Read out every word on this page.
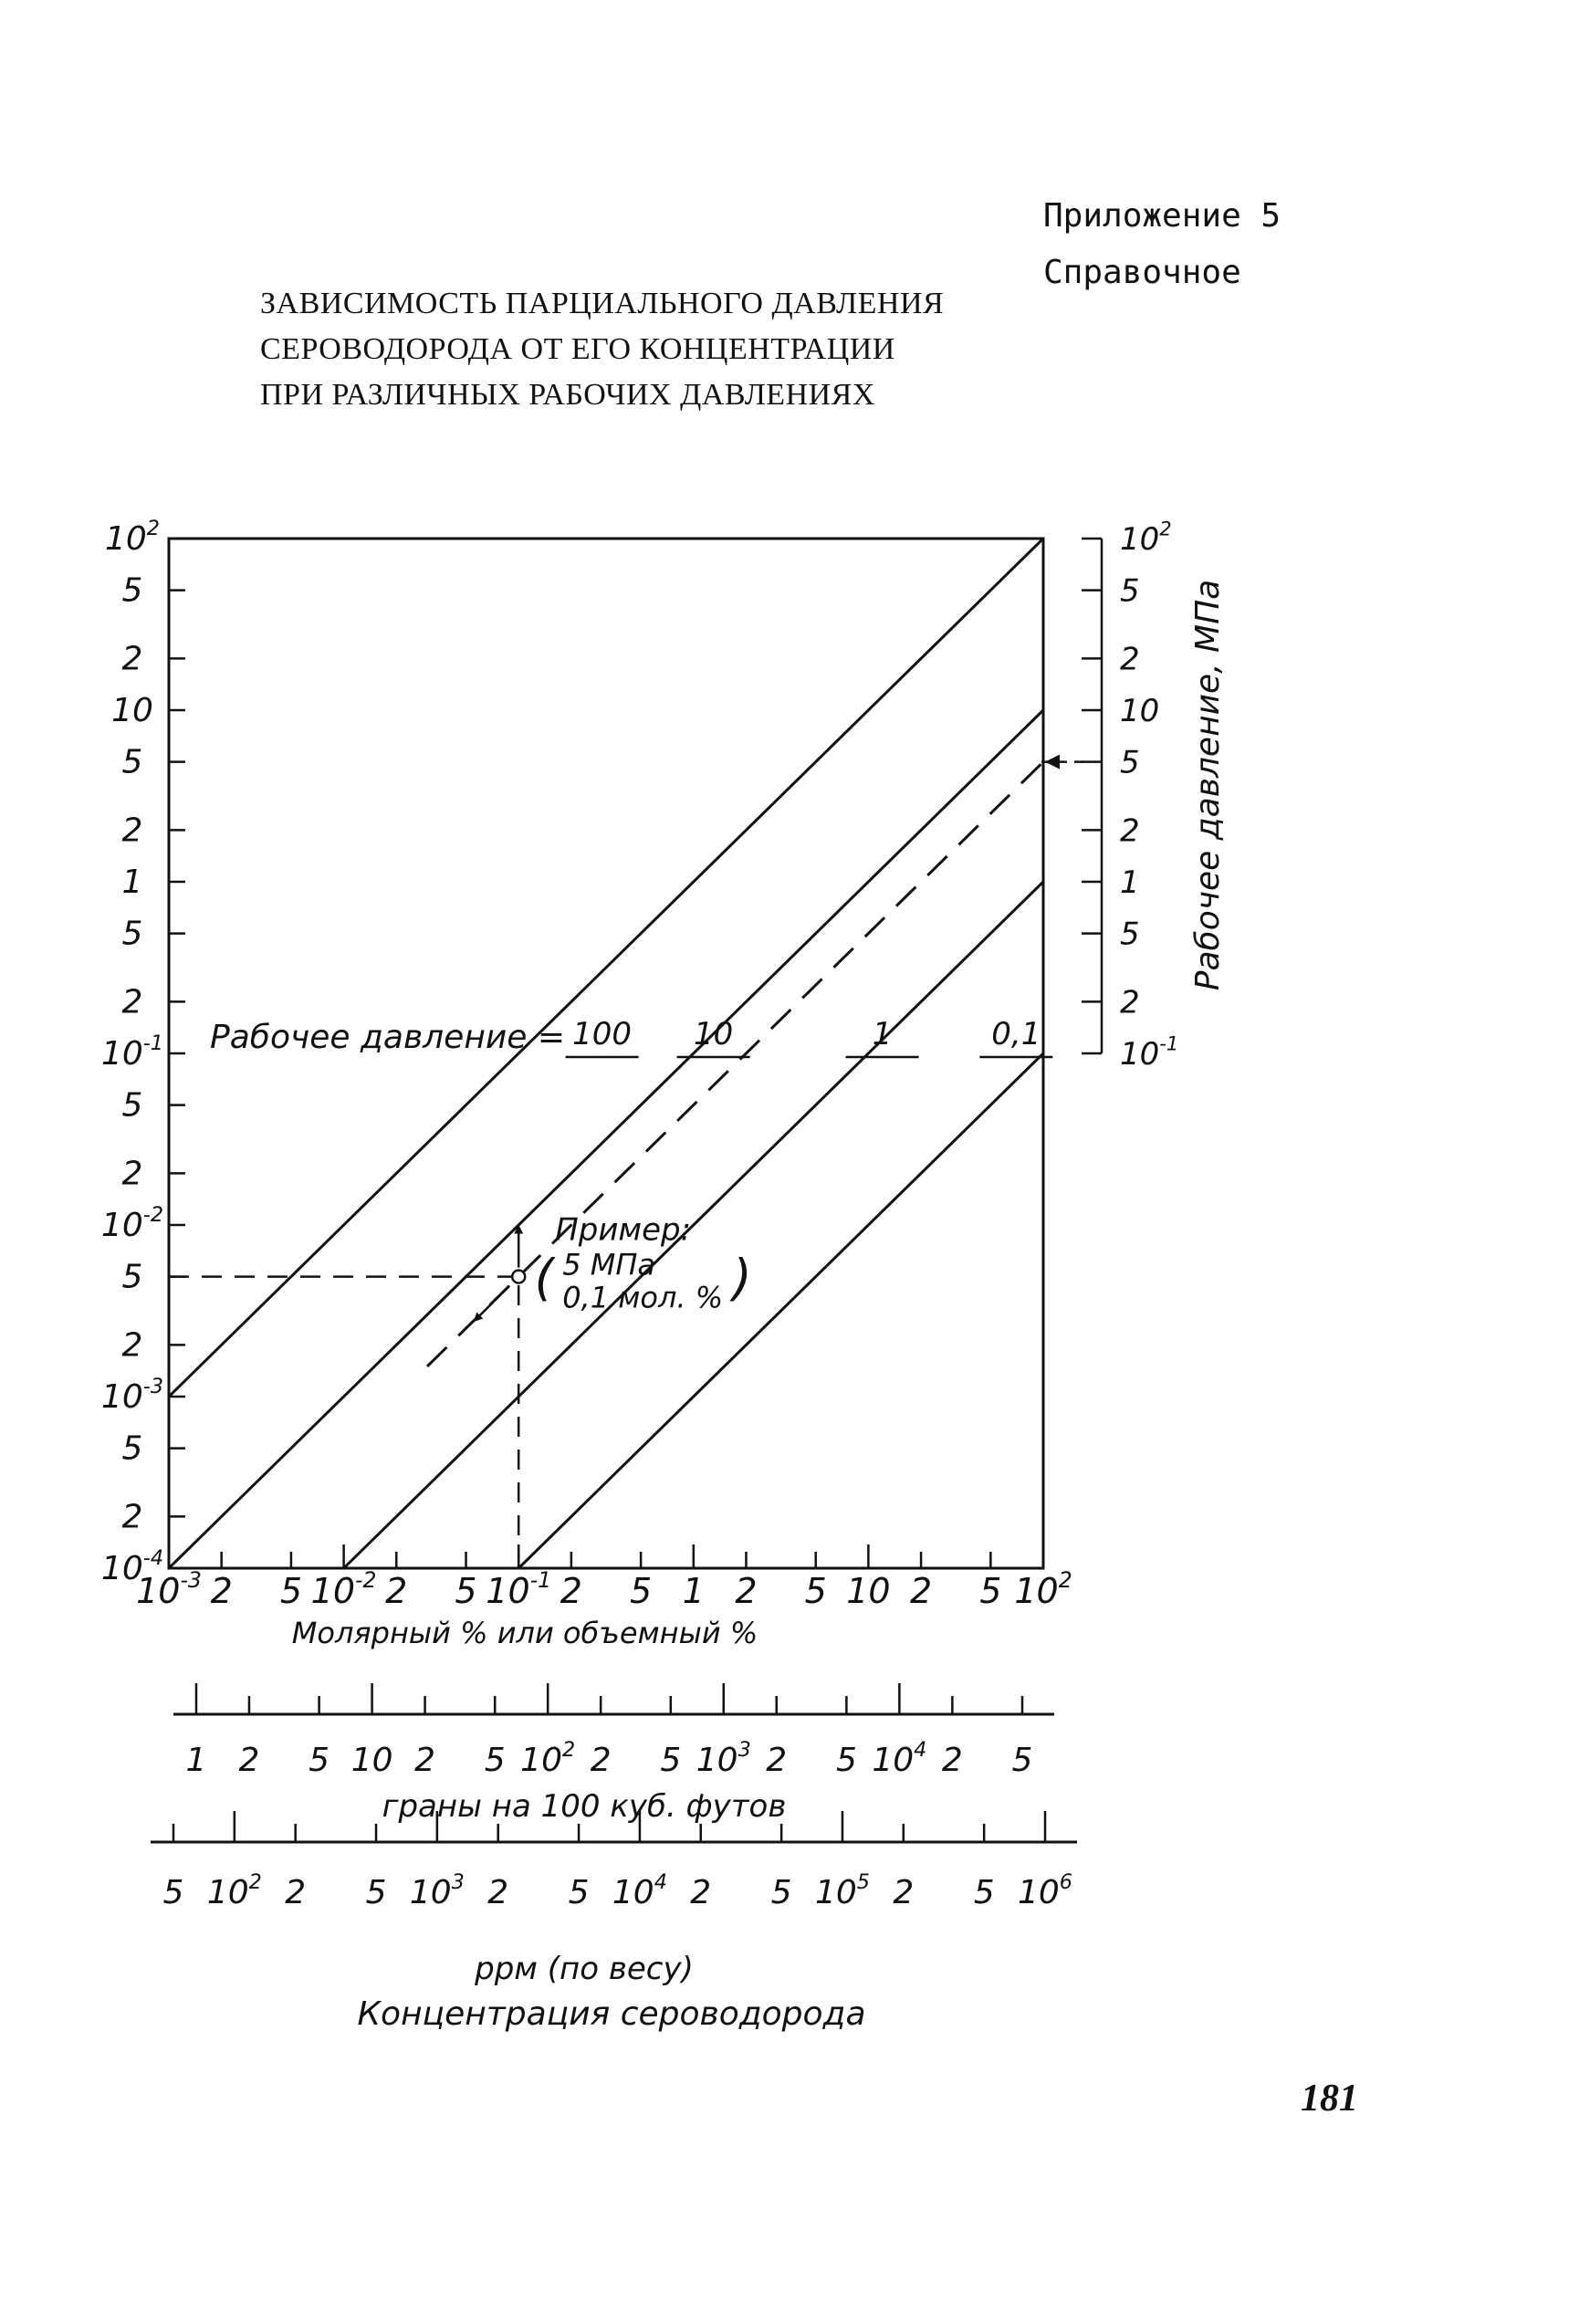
Приложение 5
Справочное
ЗАВИСИМОСТЬ ПАРЦИАЛЬНОГО ДАВЛЕНИЯ
СЕРОВОДОРОДА ОТ ЕГО КОНЦЕНТРАЦИИ
ПРИ РАЗЛИЧНЫХ РАБОЧИХ ДАВЛЕНИЯХ
$10^2$
5
2
10
5
2
1
5
2
$10^{-1}$
5
2
$10^{-2}$
5
2
$10^{-3}$
5
2
$10^{-4}$
$10^{-3}$ 2 5 $10^{-2}$ 2 5 $10^{-1}$ 2 5 1 2 5 10 2 5 $10^2$
Молярный % или объемный %
$10^2$
5
2
10
5
2
1
5
2
$10^{-1}$
Рабочее давление, МПа
Рабочее давление = 100 10	1	0,1
Пример:
5 МПа
0,1 мол. %
(	)
1 2 5 10 2 5 $10^2$ 2 5 $10^3$ 2 5 $10^4$ 2 5
граны на 100 куб. футов
5 $10^2$ 2 5 $10^3$ 2 5 $10^4$ 2 5 $10^5$ 2 5 $10^6$
ррм (по весу)
Концентрация сероводорода
181
